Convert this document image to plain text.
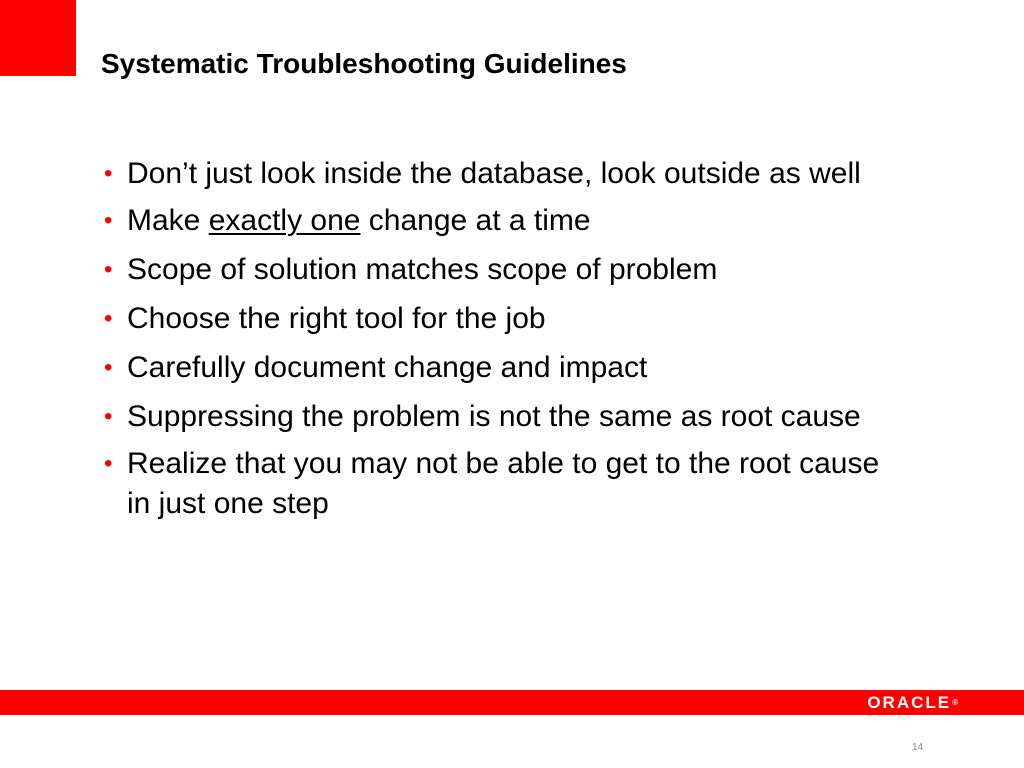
Systematic Troubleshooting Guidelines
• Don’t just look inside the database, look outside as well
• Make exactly one change at a time
• Scope of solution matches scope of problem
• Choose the right tool for the job
• Carefully document change and impact
• Suppressing the problem is not the same as root cause
• Realize that you may not be able to get to the root cause in just one step
ORACLE®
14
